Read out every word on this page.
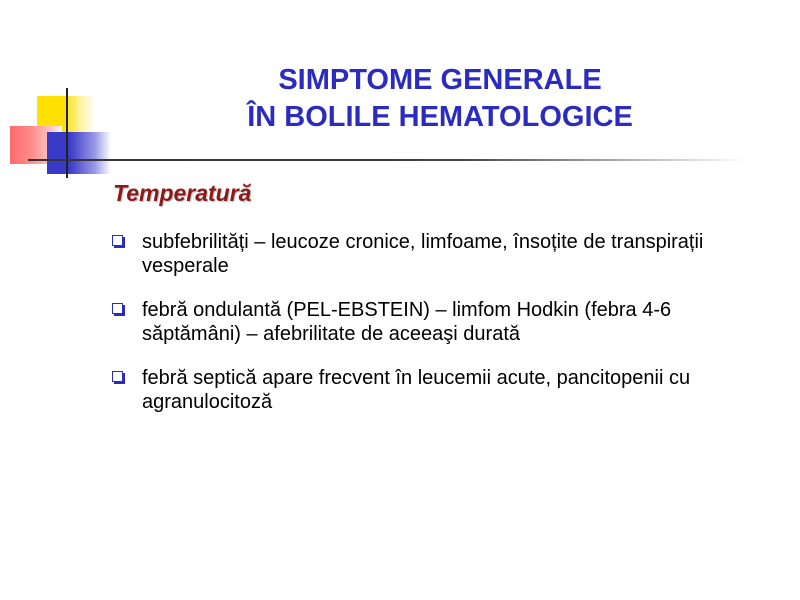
SIMPTOME GENERALE
ÎN BOLILE HEMATOLOGICE
Temperatură
subfebrilități – leucoze cronice, limfoame, însoțite de transpirații vesperale
febră ondulantă (PEL-EBSTEIN) – limfom Hodkin (febra 4-6 săptămâni) – afebrilitate de aceeaşi durată
febră septică apare frecvent în leucemii acute, pancitopenii cu agranulocitoză
